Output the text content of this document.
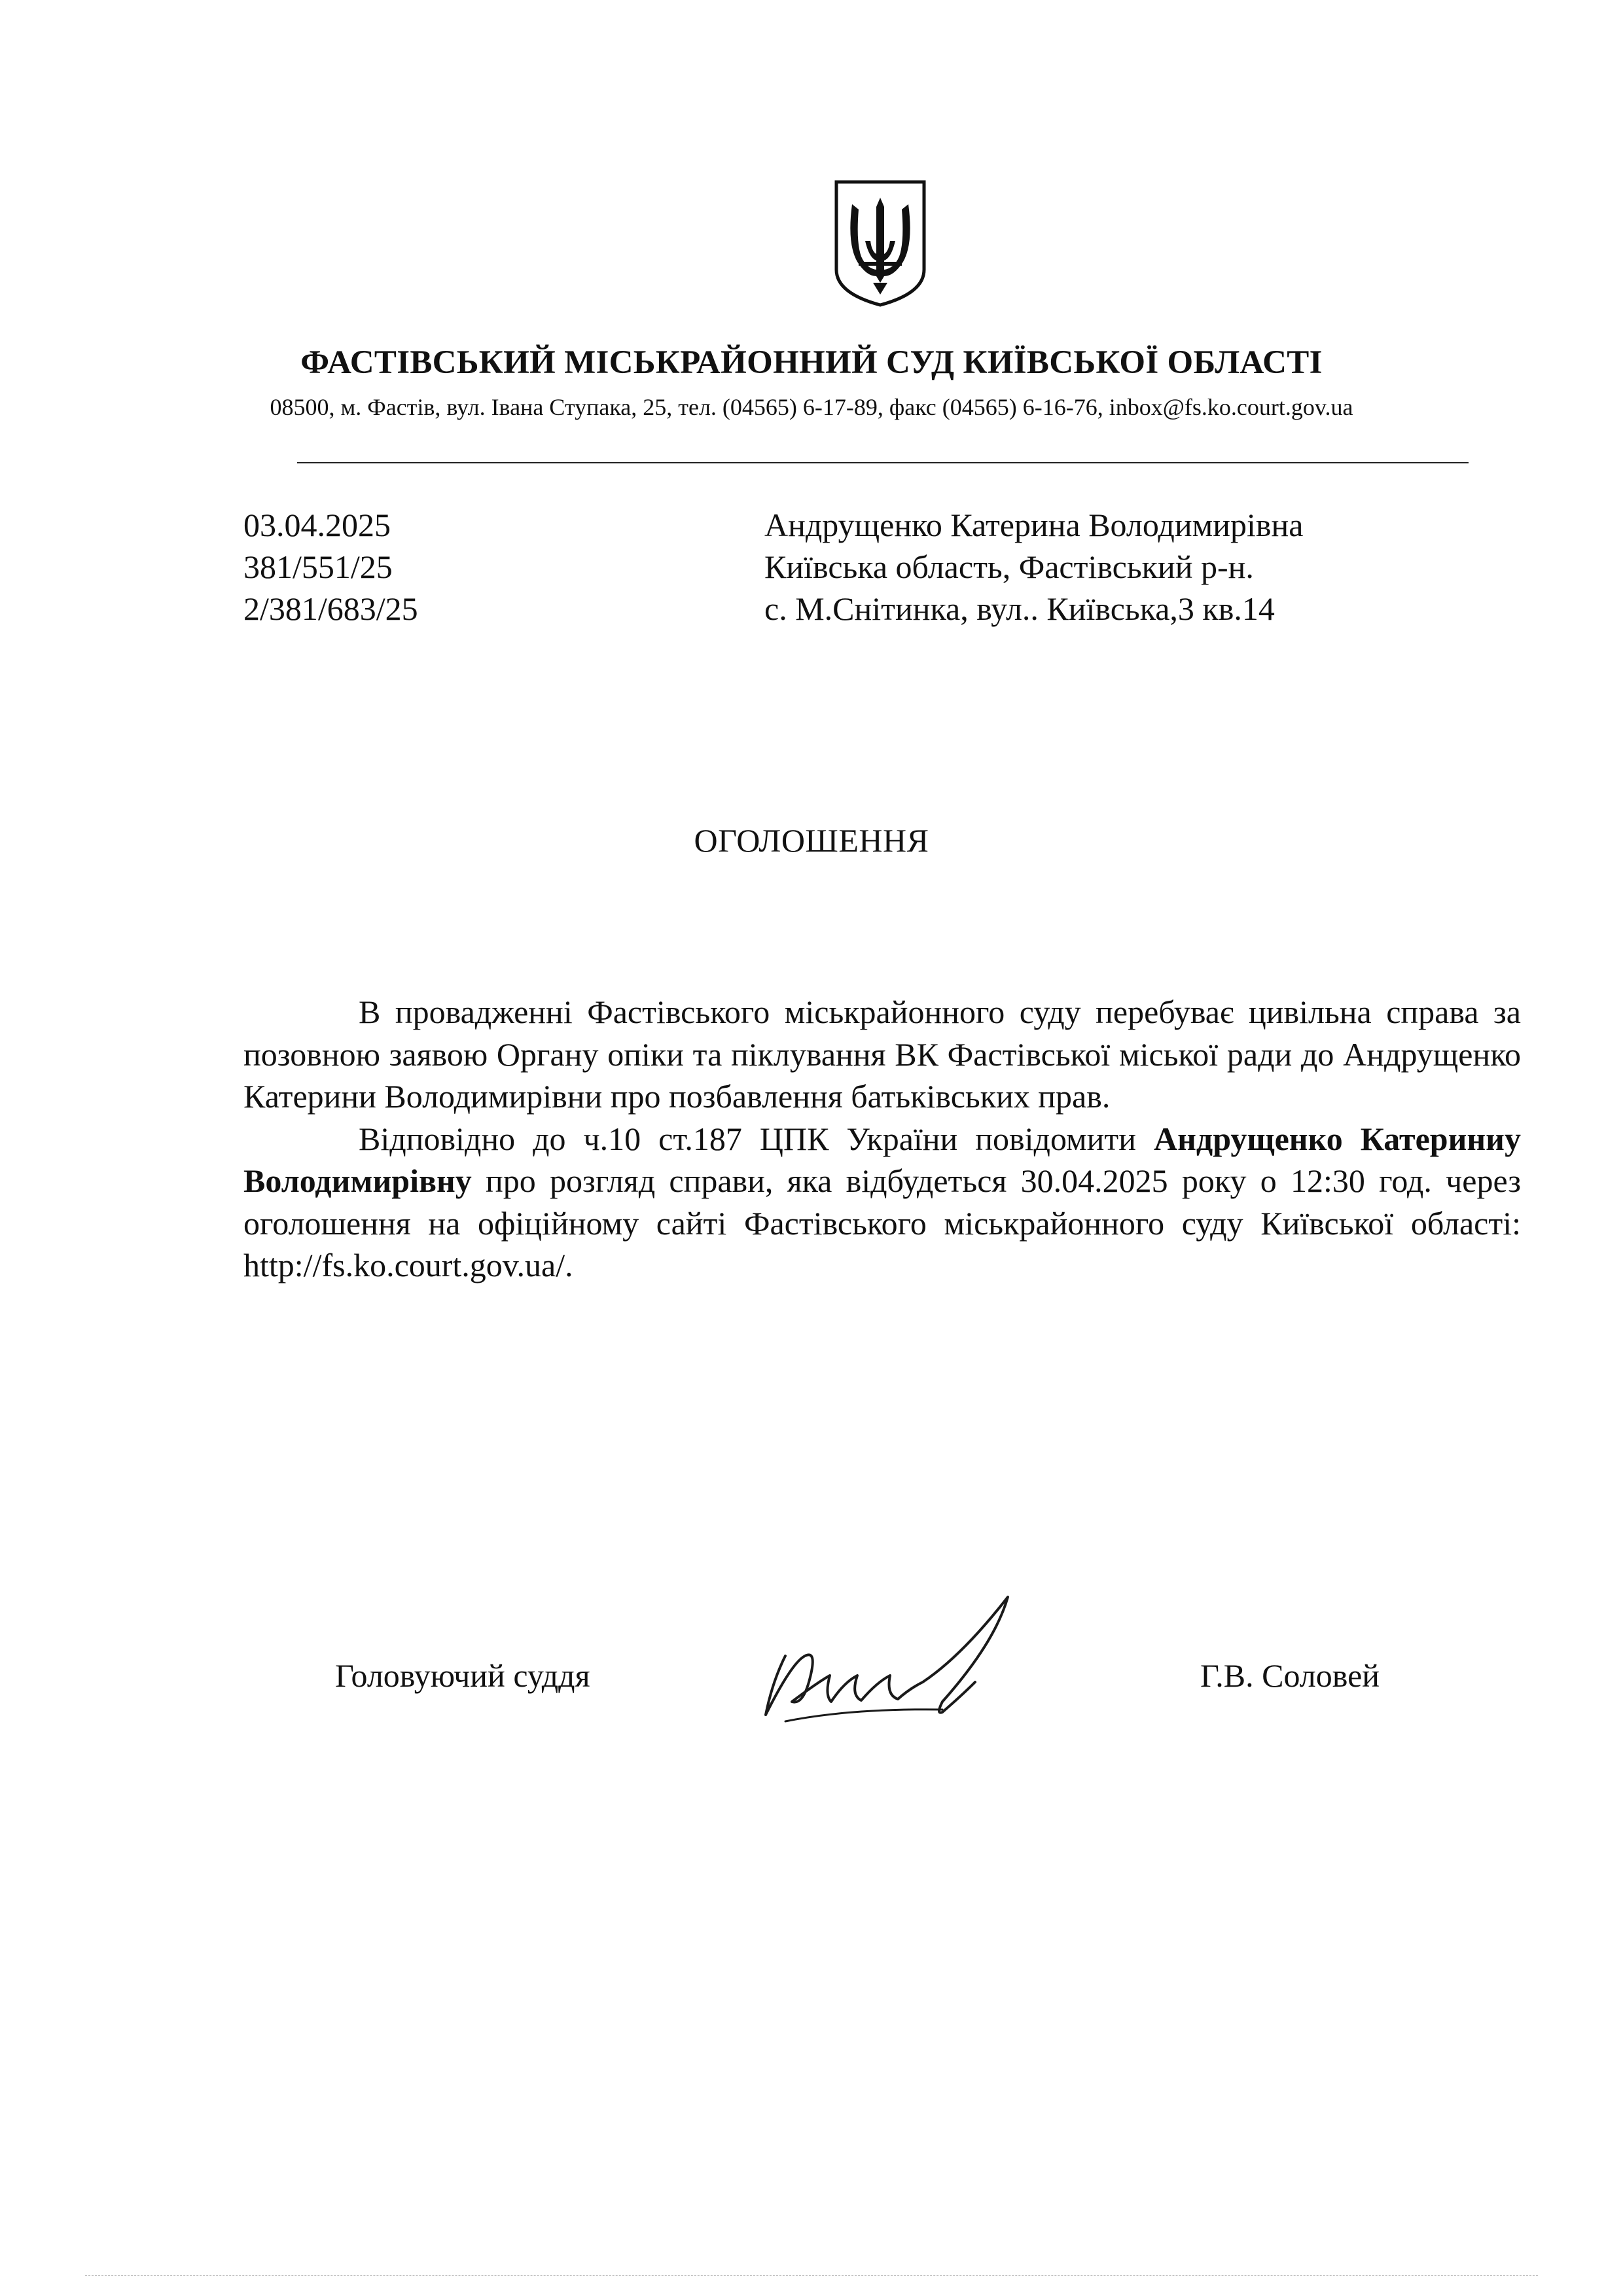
ФАСТІВСЬКИЙ МІСЬКРАЙОННИЙ СУД КИЇВСЬКОЇ ОБЛАСТІ
08500, м. Фастів, вул. Івана Ступака, 25, тел. (04565) 6-17-89, факс (04565) 6-16-76, inbox@fs.ko.court.gov.ua
03.04.2025
381/551/25
2/381/683/25
Андрущенко Катерина Володимирівна
Київська область, Фастівський р-н.
с. М.Снітинка, вул.. Київська,3 кв.14
ОГОЛОШЕННЯ

В провадженні Фастівського міськрайонного суду перебуває цивільна справа за позовною заявою Органу опіки та піклування ВК Фастівської міської ради до Андрущенко Катерини Володимирівни про позбавлення батьківських прав.

Відповідно до ч.10 ст.187 ЦПК України повідомити Андрущенко Катериниу Володимирівну про розгляд справи, яка відбудеться 30.04.2025 року о 12:30 год. через оголошення на офіційному сайті Фастівського міськрайонного суду Київської області: http://fs.ko.court.gov.ua/.

Головуючий суддя	Г.В. Соловей
